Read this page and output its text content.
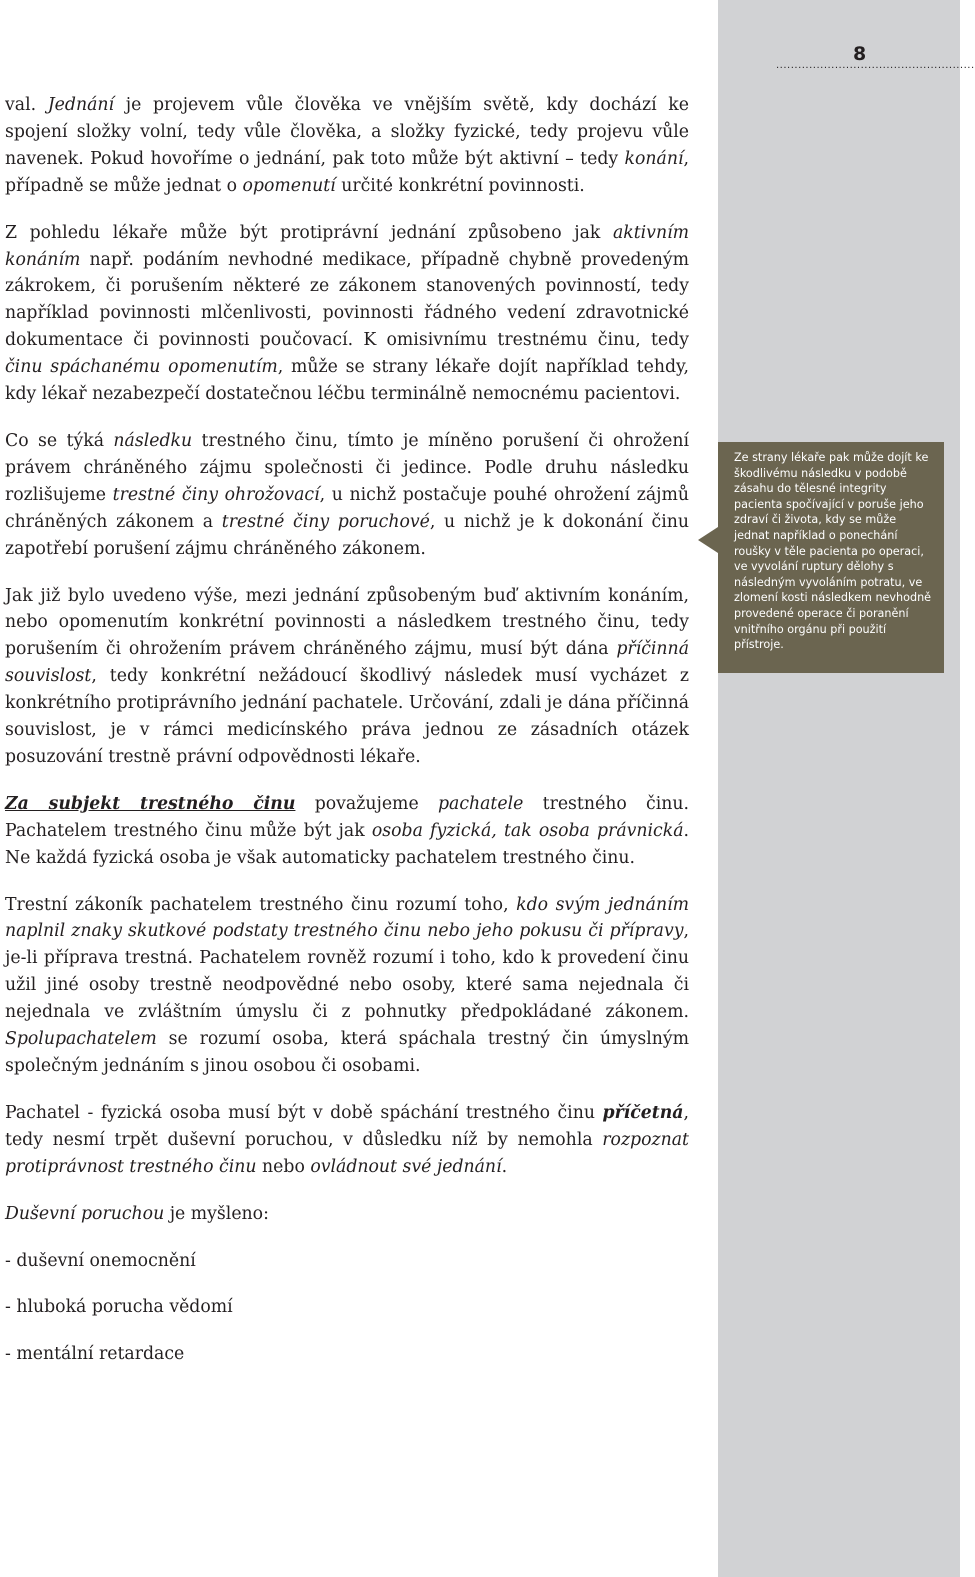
8
......................................................
Ze strany lékaře pak může dojít ke škodlivému následku v podobě zásahu do tělesné integrity pacienta spočívající v poruše jeho zdraví či života, kdy se může jednat například o ponechání roušky v těle pacienta po operaci, ve vyvolání ruptury dělohy s následným vyvoláním potratu, ve zlomení kosti následkem nevhodně provedené operace či poranění vnitřního orgánu při použití přístroje.

val. Jednání je projevem vůle člověka ve vnějším světě, kdy dochází ke spojení složky volní, tedy vůle člověka, a složky fyzické, tedy projevu vůle navenek. Pokud hovoříme o jednání, pak toto může být aktivní – tedy konání, případně se může jednat o opomenutí určité konkrétní povinnosti.

Z pohledu lékaře může být protiprávní jednání způsobeno jak aktivním konáním např. podáním nevhodné medikace, případně chybně provedeným zákrokem, či porušením některé ze zákonem stanovených povinností, tedy například povinnosti mlčenlivosti, povinnosti řádného vedení zdravotnické dokumentace či povinnosti poučovací. K omisivnímu trestnému činu, tedy činu spáchanému opomenutím, může se strany lékaře dojít například tehdy, kdy lékař nezabezpečí dostatečnou léčbu terminálně nemocnému pacientovi.

Co se týká následku trestného činu, tímto je míněno porušení či ohrožení právem chráněného zájmu společnosti či jedince. Podle druhu následku rozlišujeme trestné činy ohrožovací, u nichž postačuje pouhé ohrožení zájmů chráněných zákonem a trestné činy poruchové, u nichž je k dokonání činu zapotřebí porušení zájmu chráněného zákonem.

Jak již bylo uvedeno výše, mezi jednání způsobeným buď aktivním konáním, nebo opomenutím konkrétní povinnosti a následkem trestného činu, tedy porušením či ohrožením právem chráněného zájmu, musí být dána příčinná souvislost, tedy konkrétní nežádoucí škodlivý následek musí vycházet z konkrétního protiprávního jednání pachatele. Určování, zdali je dána příčinná souvislost, je v rámci medicínského práva jednou ze zásadních otázek posuzování trestně právní odpovědnosti lékaře.

Za subjekt trestného činu považujeme pachatele trestného činu. Pachatelem trestného činu může být jak osoba fyzická, tak osoba právnická. Ne každá fyzická osoba je však automaticky pachatelem trestného činu.

Trestní zákoník pachatelem trestného činu rozumí toho, kdo svým jednáním naplnil znaky skutkové podstaty trestného činu nebo jeho pokusu či přípravy, je-li příprava trestná. Pachatelem rovněž rozumí i toho, kdo k provedení činu užil jiné osoby trestně neodpovědné nebo osoby, které sama nejednala či nejednala ve zvláštním úmyslu či z pohnutky předpokládané zákonem. Spolupachatelem se rozumí osoba, která spáchala trestný čin úmyslným společným jednáním s jinou osobou či osobami.

Pachatel - fyzická osoba musí být v době spáchání trestného činu příčetná, tedy nesmí trpět duševní poruchou, v důsledku níž by nemohla rozpoznat protiprávnost trestného činu nebo ovládnout své jednání.

Duševní poruchou je myšleno:

- duševní onemocnění

- hluboká porucha vědomí

- mentální retardace
